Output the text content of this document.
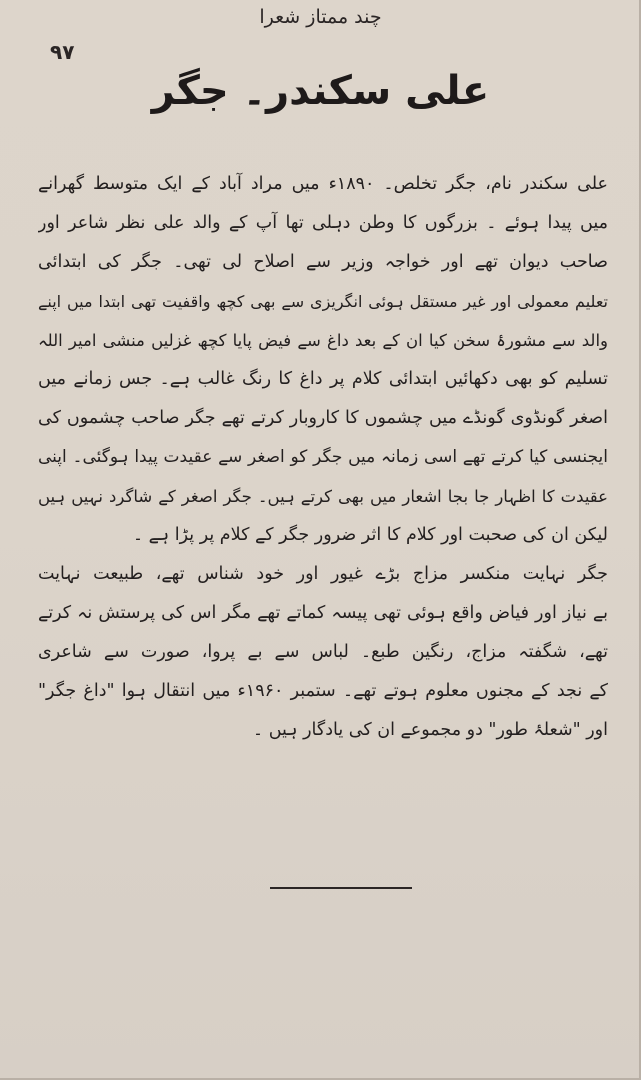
چند ممتاز شعرا
۹۷
علی سکندر۔ جگر
علی سکندر نام، جگر تخلص۔ ۱۸۹۰ء میں مراد آباد کے ایک متوسط گھرانے
میں پیدا ہوئے ۔ بزرگوں کا وطن دہلی تھا آپ کے والد علی نظر شاعر اور
صاحب دیوان تھے اور خواجہ وزیر سے اصلاح لی تھی۔ جگر کی ابتدائی
تعلیم معمولی اور غیر مستقل ہوئی انگریزی سے بھی کچھ واقفیت تھی ابتدا میں اپنے
والد سے مشورۂ سخن کیا ان کے بعد داغ سے فیض پایا کچھ غزلیں منشی امیر اللہ
تسلیم کو بھی دکھائیں ابتدائی کلام پر داغ کا رنگ غالب ہے۔ جس زمانے میں
اصغر گونڈوی گونڈے میں چشموں کا کاروبار کرتے تھے جگر صاحب چشموں کی
ایجنسی کیا کرتے تھے اسی زمانہ میں جگر کو اصغر سے عقیدت پیدا ہوگئی۔ اپنی
عقیدت کا اظہار جا بجا اشعار میں بھی کرتے ہیں۔ جگر اصغر کے شاگرد نہیں ہیں
لیکن ان کی صحبت اور کلام کا اثر ضرور جگر کے کلام پر پڑا ہے ۔
جگر نہایت منکسر مزاج بڑے غیور اور خود شناس تھے، طبیعت نہایت
بے نیاز اور فیاض واقع ہوئی تھی پیسہ کماتے تھے مگر اس کی پرستش نہ کرتے
تھے، شگفتہ مزاج، رنگین طبع۔ لباس سے بے پروا، صورت سے شاعری
کے نجد کے مجنوں معلوم ہوتے تھے۔ ستمبر ۱۹۶۰ء میں انتقال ہوا "داغ جگر"
اور "شعلۂ طور" دو مجموعے ان کی یادگار ہیں ۔
